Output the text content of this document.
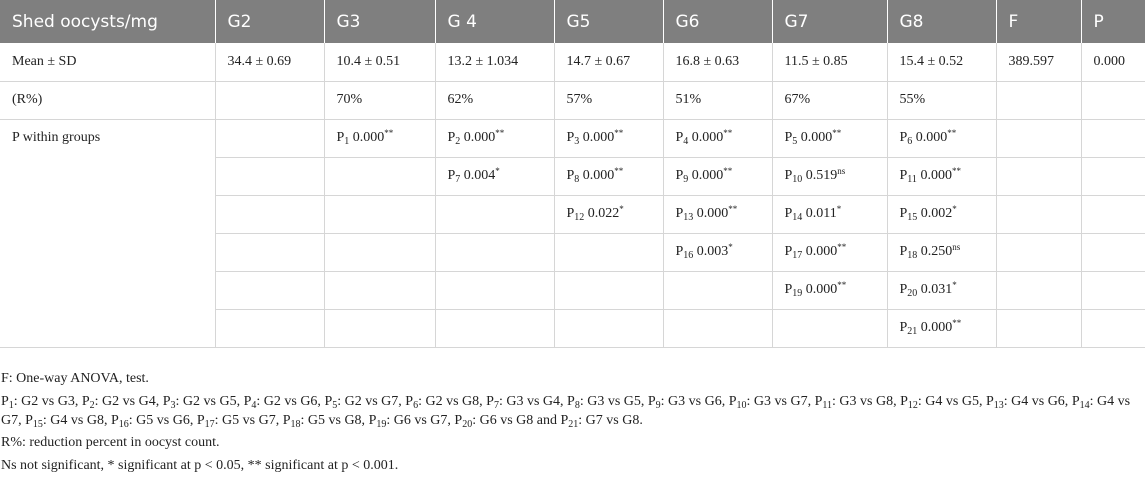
Shed oocysts/mg	G2	G3	G 4	G5	G6	G7	G8	F	P
Mean ± SD	34.4 ± 0.69	10.4 ± 0.51	13.2 ± 1.034	14.7 ± 0.67	16.8 ± 0.63	11.5 ± 0.85	15.4 ± 0.52	389.597	0.000
(R%)		70%	62%	57%	51%	67%	55%		
P within groups		$P_1$ 0.000**	$P_2$ 0.000**	$P_3$ 0.000**	$P_4$ 0.000**	$P_5$ 0.000**	$P_6$ 0.000**		
			$P_7$ 0.004*	$P_8$ 0.000**	$P_9$ 0.000**	$P_{10}$ $0.519^{ns}$	$P_{11}$ 0.000**		
				$P_{12}$ 0.022*	$P_{13}$ 0.000**	$P_{14}$ 0.011*	$P_{15}$ 0.002*		
					$P_{16}$ 0.003*	$P_{17}$ 0.000**	$P_{18}$ $0.250^{ns}$		
						$P_{19}$ 0.000**	$P_{20}$ 0.031*		
							$P_{21}$ 0.000**		

F: One-way ANOVA, test.

$P_1$: G2 vs G3, $P_2$: G2 vs G4, $P_3$: G2 vs G5, $P_4$: G2 vs G6, $P_5$: G2 vs G7, $P_6$: G2 vs G8, $P_7$: G3 vs G4, $P_8$: G3 vs G5, $P_9$: G3 vs G6, $P_{10}$: G3 vs G7, $P_{11}$: G3 vs G8, $P_{12}$: G4 vs G5, $P_{13}$: G4 vs G6, $P_{14}$: G4 vs G7, $P_{15}$: G4 vs G8, $P_{16}$: G5 vs G6, $P_{17}$: G5 vs G7, $P_{18}$: G5 vs G8, $P_{19}$: G6 vs G7, $P_{20}$: G6 vs G8 and $P_{21}$: G7 vs G8.

R%: reduction percent in oocyst count.

Ns not significant, * significant at p < 0.05, ** significant at p < 0.001.
